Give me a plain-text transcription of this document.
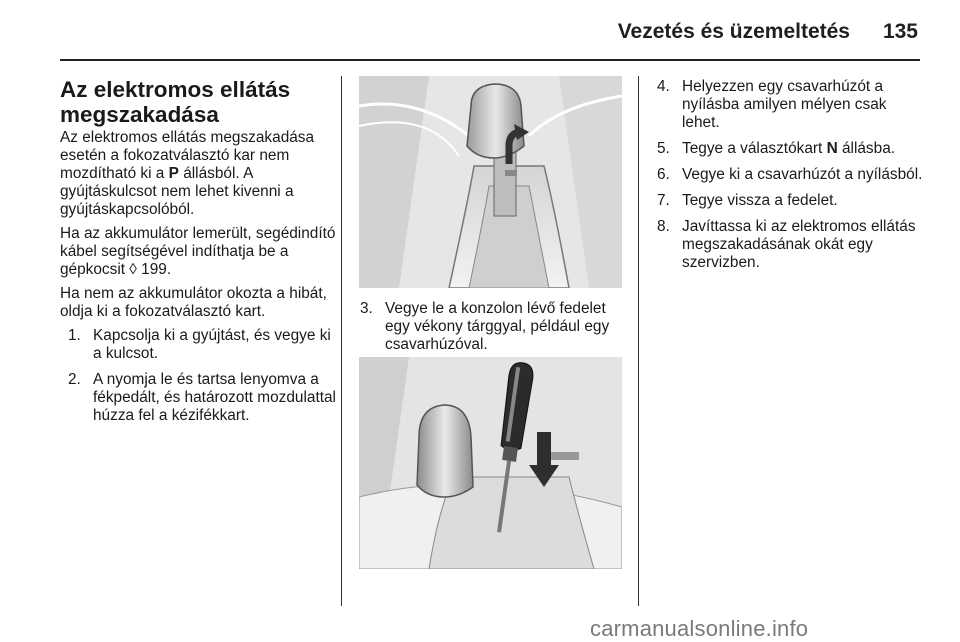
Vezetés és üzemeltetés	135
Az elektromos ellátás megszakadása

Az elektromos ellátás megszakadása esetén a fokozatválasztó kar nem mozdítható ki a P állásból. A gyújtáskulcsot nem lehet kivenni a gyújtáskapcsolóból.

Ha az akkumulátor lemerült, segédindító kábel segítségével indíthatja be a gépkocsit ◊ 199.

Ha nem az akkumulátor okozta a hibát, oldja ki a fokozatválasztó kart.

1. Kapcsolja ki a gyújtást, és vegye ki a kulcsot.
2. A nyomja le és tartsa lenyomva a fékpedált, és határozott mozdulattal húzza fel a kézifékkart.
3. Vegye le a konzolon lévő fedelet egy vékony tárggyal, például egy csavarhúzóval.
4. Helyezzen egy csavarhúzót a nyílásba amilyen mélyen csak lehet.
5. Tegye a választókart N állásba.
6. Vegye ki a csavarhúzót a nyílásból.
7. Tegye vissza a fedelet.
8. Javíttassa ki az elektromos ellátás megszakadásának okát egy szervizben.
carmanualsonline.info
